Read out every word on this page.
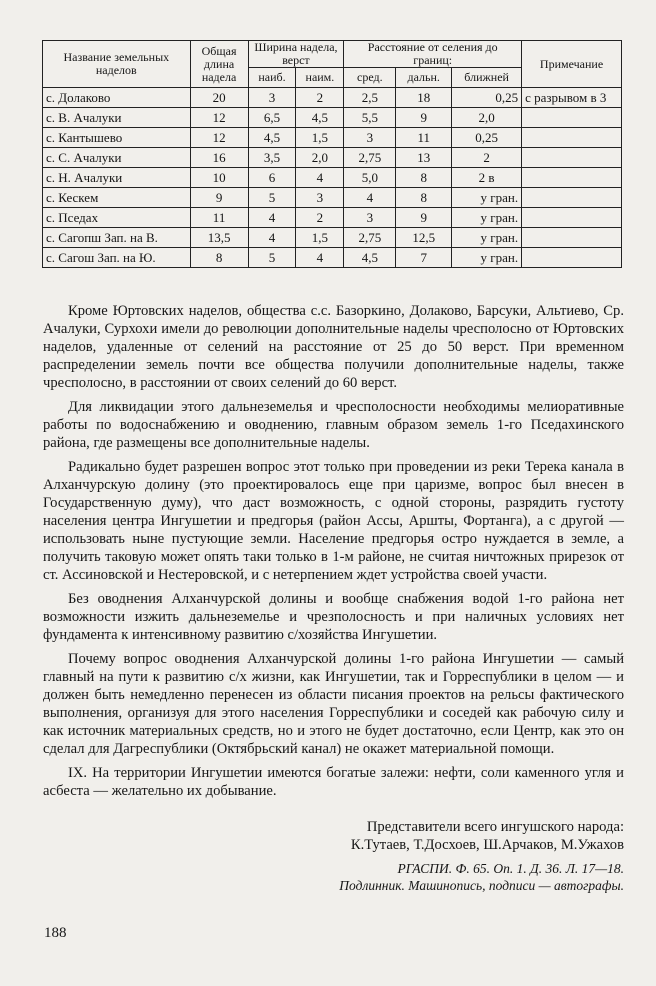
Название земельных наделов	Общая длина надела	Ширина надела, верст		Расстояние от селения до границ:			Примечание
		наиб.	наим.	сред.	дальн.	ближней	
с. Долаково	20	3	2	2,5	18	0,25	с разрывом в 3
с. В. Ачалуки	12	6,5	4,5	5,5	9	2,0	
с. Кантышево	12	4,5	1,5	3	11	0,25	
с. С. Ачалуки	16	3,5	2,0	2,75	13	2	
с. Н. Ачалуки	10	6	4	5,0	8	2 в	
с. Кескем	9	5	3	4	8	у гран.	
с. Пседах	11	4	2	3	9	у гран.	
с. Сагопш Зап. на В.	13,5	4	1,5	2,75	12,5	у гран.	
с. Сагош Зап. на Ю.	8	5	4	4,5	7	у гран.	

Кроме Юртовских наделов, общества с.с. Базоркино, Долаково, Барсуки, Альтиево, Ср. Ачалуки, Сурхохи имели до революции дополнительные наделы чресполосно от Юртовских наделов, удаленные от селений на расстояние от 25 до 50 верст. При временном распределении земель почти все общества получили дополнительные наделы, также чресполосно, в расстоянии от своих селений до 60 верст.

Для ликвидации этого дальнеземелья и чресполосности необходимы мелиоративные работы по водоснабжению и оводнению, главным образом земель 1-го Пседахинского района, где размещены все дополнительные наделы.

Радикально будет разрешен вопрос этот только при проведении из реки Терека канала в Алханчурскую долину (это проектировалось еще при царизме, вопрос был внесен в Государственную думу), что даст возможность, с одной стороны, разрядить густоту населения центра Ингушетии и предгорья (район Ассы, Аршты, Фортанга), а с другой — использовать ныне пустующие земли. Население предгорья остро нуждается в земле, а получить таковую может опять таки только в 1-м районе, не считая ничтожных прирезок от ст. Ассиновской и Нестеровской, и с нетерпением ждет устройства своей участи.

Без оводнения Алханчурской долины и вообще снабжения водой 1-го района нет возможности изжить дальнеземелье и чрезполосность и при наличных условиях нет фундамента к интенсивному развитию с/хозяйства Ингушетии.

Почему вопрос оводнения Алханчурской долины 1-го района Ингушетии — самый главный на пути к развитию с/х жизни, как Ингушетии, так и Горреспублики в целом — и должен быть немедленно перенесен из области писания проектов на рельсы фактического выполнения, организуя для этого населения Горреспублики и соседей как рабочую силу и как источник материальных средств, но и этого не будет достаточно, если Центр, как это он сделал для Дагреспублики (Октябрьский канал) не окажет материальной помощи.

IX. На территории Ингушетии имеются богатые залежи: нефти, соли каменного угля и асбеста — желательно их добывание.

Представители всего ингушского народа:
К.Тутаев, Т.Досхоев, Ш.Арчаков, М.Ужахов
РГАСПИ. Ф. 65. Оп. 1. Д. 36. Л. 17—18.
Подлинник. Машинопись, подписи — автографы.
188
